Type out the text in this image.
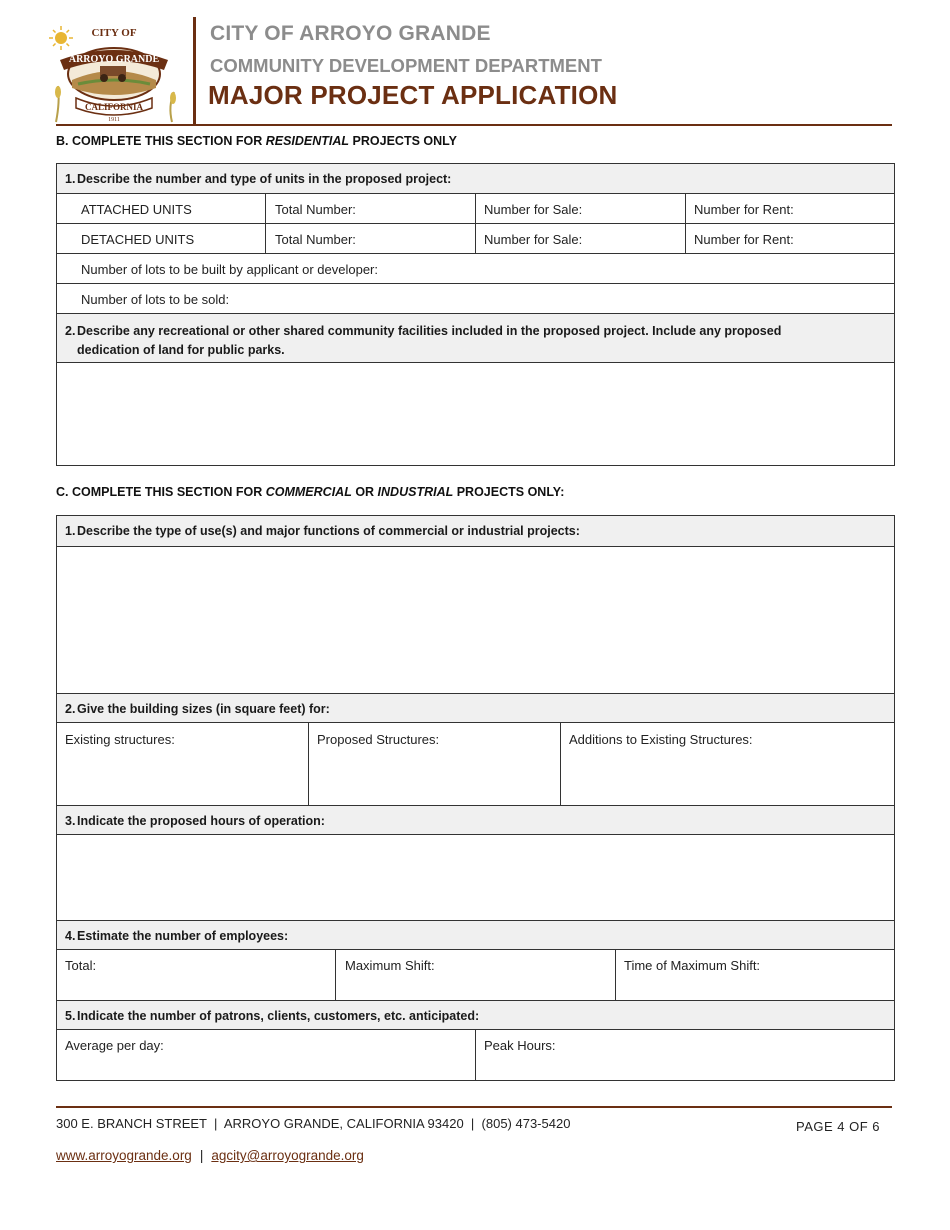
CITY OF
ARROYO GRANDE
CALIFORNIA
1911
CITY OF ARROYO GRANDE
COMMUNITY DEVELOPMENT DEPARTMENT
MAJOR PROJECT APPLICATION
B. COMPLETE THIS SECTION FOR RESIDENTIAL PROJECTS ONLY
1. Describe the number and type of units in the proposed project:
ATTACHED UNITS	Total Number:	Number for Sale:	Number for Rent:
DETACHED UNITS	Total Number:	Number for Sale:	Number for Rent:
Number of lots to be built by applicant or developer:
Number of lots to be sold:
2. Describe any recreational or other shared community facilities included in the proposed project. Include any proposed
dedication of land for public parks.
C. COMPLETE THIS SECTION FOR COMMERCIAL OR INDUSTRIAL PROJECTS ONLY:
1. Describe the type of use(s) and major functions of commercial or industrial projects:
2. Give the building sizes (in square feet) for:
Existing structures:	Proposed Structures:	Additions to Existing Structures:
3. Indicate the proposed hours of operation:
4. Estimate the number of employees:
Total:	Maximum Shift:	Time of Maximum Shift:
5. Indicate the number of patrons, clients, customers, etc. anticipated:
Average per day:	Peak Hours:
300 E. BRANCH STREET  |  ARROYO GRANDE, CALIFORNIA 93420  |  (805) 473-5420	PAGE 4 OF 6
www.arroyogrande.org | agcity@arroyogrande.org
